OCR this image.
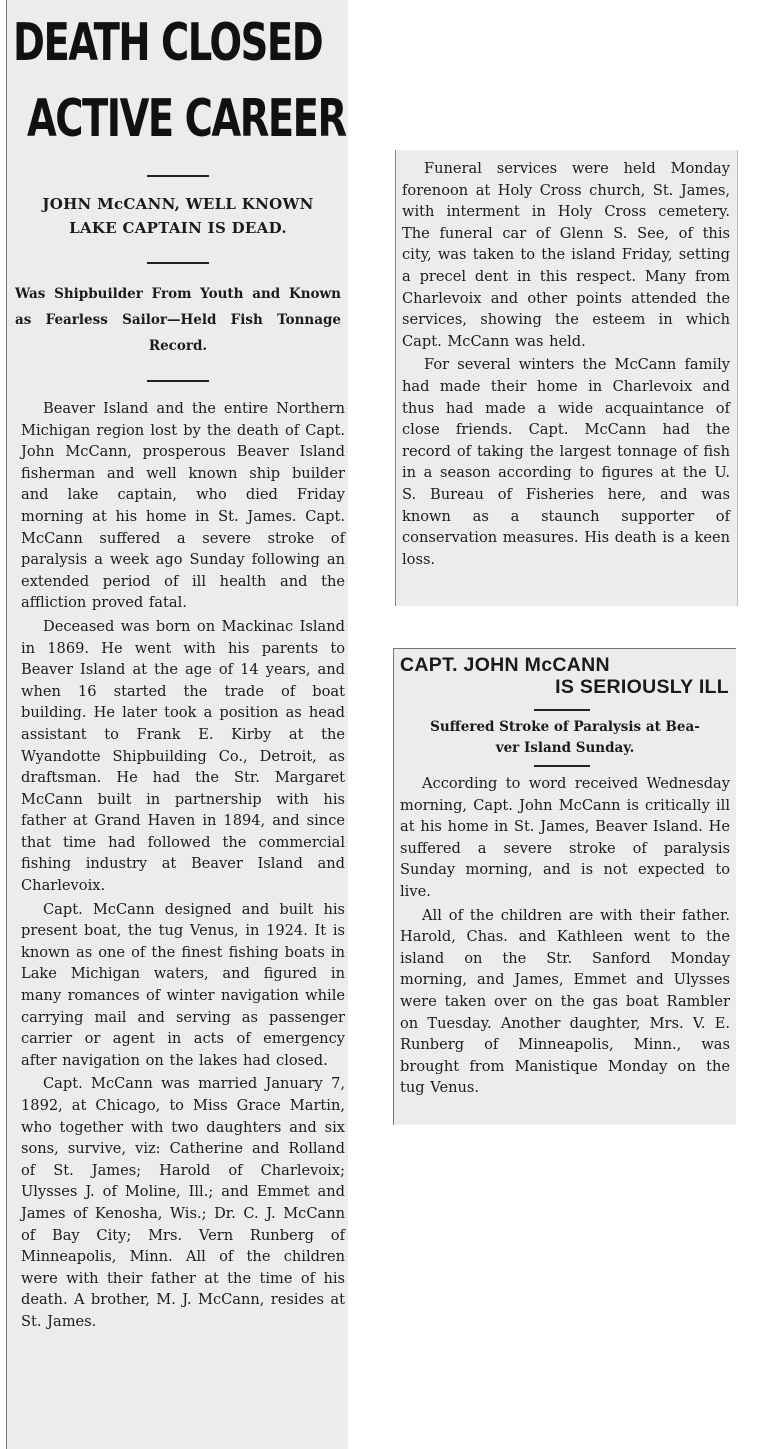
DEATH CLOSED
ACTIVE CAREER
JOHN McCANN, WELL KNOWN
LAKE CAPTAIN IS DEAD.
Was Shipbuilder From Youth and Known as Fearless Sailor—Held Fish Tonnage Record.

Beaver Island and the entire Northern Michigan region lost by the death of Capt. John McCann, prosperous Beaver Island fisherman and well known ship builder and lake captain, who died Friday morning at his home in St. James. Capt. McCann suffered a severe stroke of paralysis a week ago Sunday following an extended period of ill health and the affliction proved fatal.

Deceased was born on Mackinac Island in 1869. He went with his parents to Beaver Island at the age of 14 years, and when 16 started the trade of boat building. He later took a position as head assistant to Frank E. Kirby at the Wyandotte Shipbuilding Co., Detroit, as draftsman. He had the Str. Margaret McCann built in partnership with his father at Grand Haven in 1894, and since that time had followed the commercial fishing industry at Beaver Island and Charlevoix.

Capt. McCann designed and built his present boat, the tug Venus, in 1924. It is known as one of the finest fishing boats in Lake Michigan waters, and figured in many romances of winter navigation while carrying mail and serving as passenger carrier or agent in acts of emergency after navigation on the lakes had closed.

Capt. McCann was married January 7, 1892, at Chicago, to Miss Grace Martin, who together with two daughters and six sons, survive, viz: Catherine and Rolland of St. James; Harold of Charlevoix; Ulysses J. of Moline, Ill.; and Emmet and James of Kenosha, Wis.; Dr. C. J. McCann of Bay City; Mrs. Vern Runberg of Minneapolis, Minn. All of the children were with their father at the time of his death. A brother, M. J. McCann, resides at St. James.

Funeral services were held Monday forenoon at Holy Cross church, St. James, with interment in Holy Cross cemetery. The funeral car of Glenn S. See, of this city, was taken to the island Friday, setting a precel dent in this respect. Many from Charlevoix and other points attended the services, showing the esteem in which Capt. McCann was held.

For several winters the McCann family had made their home in Charlevoix and thus had made a wide acquaintance of close friends. Capt. McCann had the record of taking the largest tonnage of fish in a season according to figures at the U. S. Bureau of Fisheries here, and was known as a staunch supporter of conservation measures. His death is a keen loss.

CAPT. JOHN McCANN
IS SERIOUSLY ILL
Suffered Stroke of Paralysis at Bea-
ver Island Sunday.

According to word received Wednesday morning, Capt. John McCann is critically ill at his home in St. James, Beaver Island. He suffered a severe stroke of paralysis Sunday morning, and is not expected to live.

All of the children are with their father. Harold, Chas. and Kathleen went to the island on the Str. Sanford Monday morning, and James, Emmet and Ulysses were taken over on the gas boat Rambler on Tuesday. Another daughter, Mrs. V. E. Runberg of Minneapolis, Minn., was brought from Manistique Monday on the tug Venus.
